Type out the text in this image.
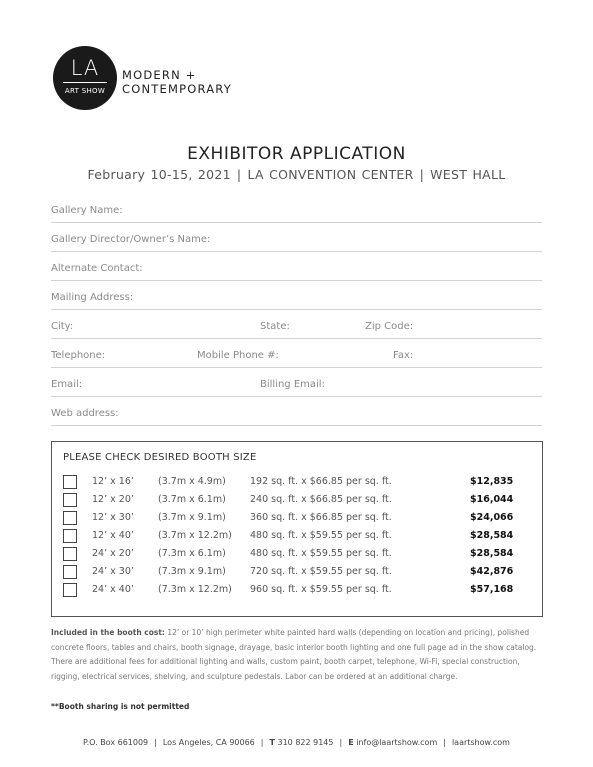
LA
ART SHOW
MODERN +
CONTEMPORARY
EXHIBITOR APPLICATION
February 10-15, 2021 | LA CONVENTION CENTER | WEST HALL
Gallery Name:
Gallery Director/Owner’s Name:
Alternate Contact:
Mailing Address:
City:	State:	Zip Code:
Telephone:	Mobile Phone #:	Fax:
Email:	Billing Email:
Web address:
PLEASE CHECK DESIRED BOOTH SIZE
12’ x 16’	(3.7m x 4.9m)	192 sq. ft. x $66.85 per sq. ft.	$12,835
12’ x 20’	(3.7m x 6.1m)	240 sq. ft. x $66.85 per sq. ft.	$16,044
12’ x 30’	(3.7m x 9.1m)	360 sq. ft. x $66.85 per sq. ft.	$24,066
12’ x 40’	(3.7m x 12.2m) 480 sq. ft. x $59.55 per sq. ft.	$28,584
24’ x 20’	(7.3m x 6.1m)	480 sq. ft. x $59.55 per sq. ft.	$28,584
24’ x 30’	(7.3m x 9.1m)	720 sq. ft. x $59.55 per sq. ft.	$42,876
24’ x 40’	(7.3m x 12.2m) 960 sq. ft. x $59.55 per sq. ft.	$57,168
Included in the booth cost: 12’ or 10’ high perimeter white painted hard walls (depending on location and pricing), polished concrete floors, tables and chairs, booth signage, drayage, basic interior booth lighting and one full page ad in the show catalog. There are additional fees for additional lighting and walls, custom paint, booth carpet, telephone, Wi-Fi, special construction, rigging, electrical services, shelving, and sculpture pedestals. Labor can be ordered at an additional charge.
**Booth sharing is not permitted
P.O. Box 661009 | Los Angeles, CA 90066 | T 310 822 9145 | E info@laartshow.com | laartshow.com
